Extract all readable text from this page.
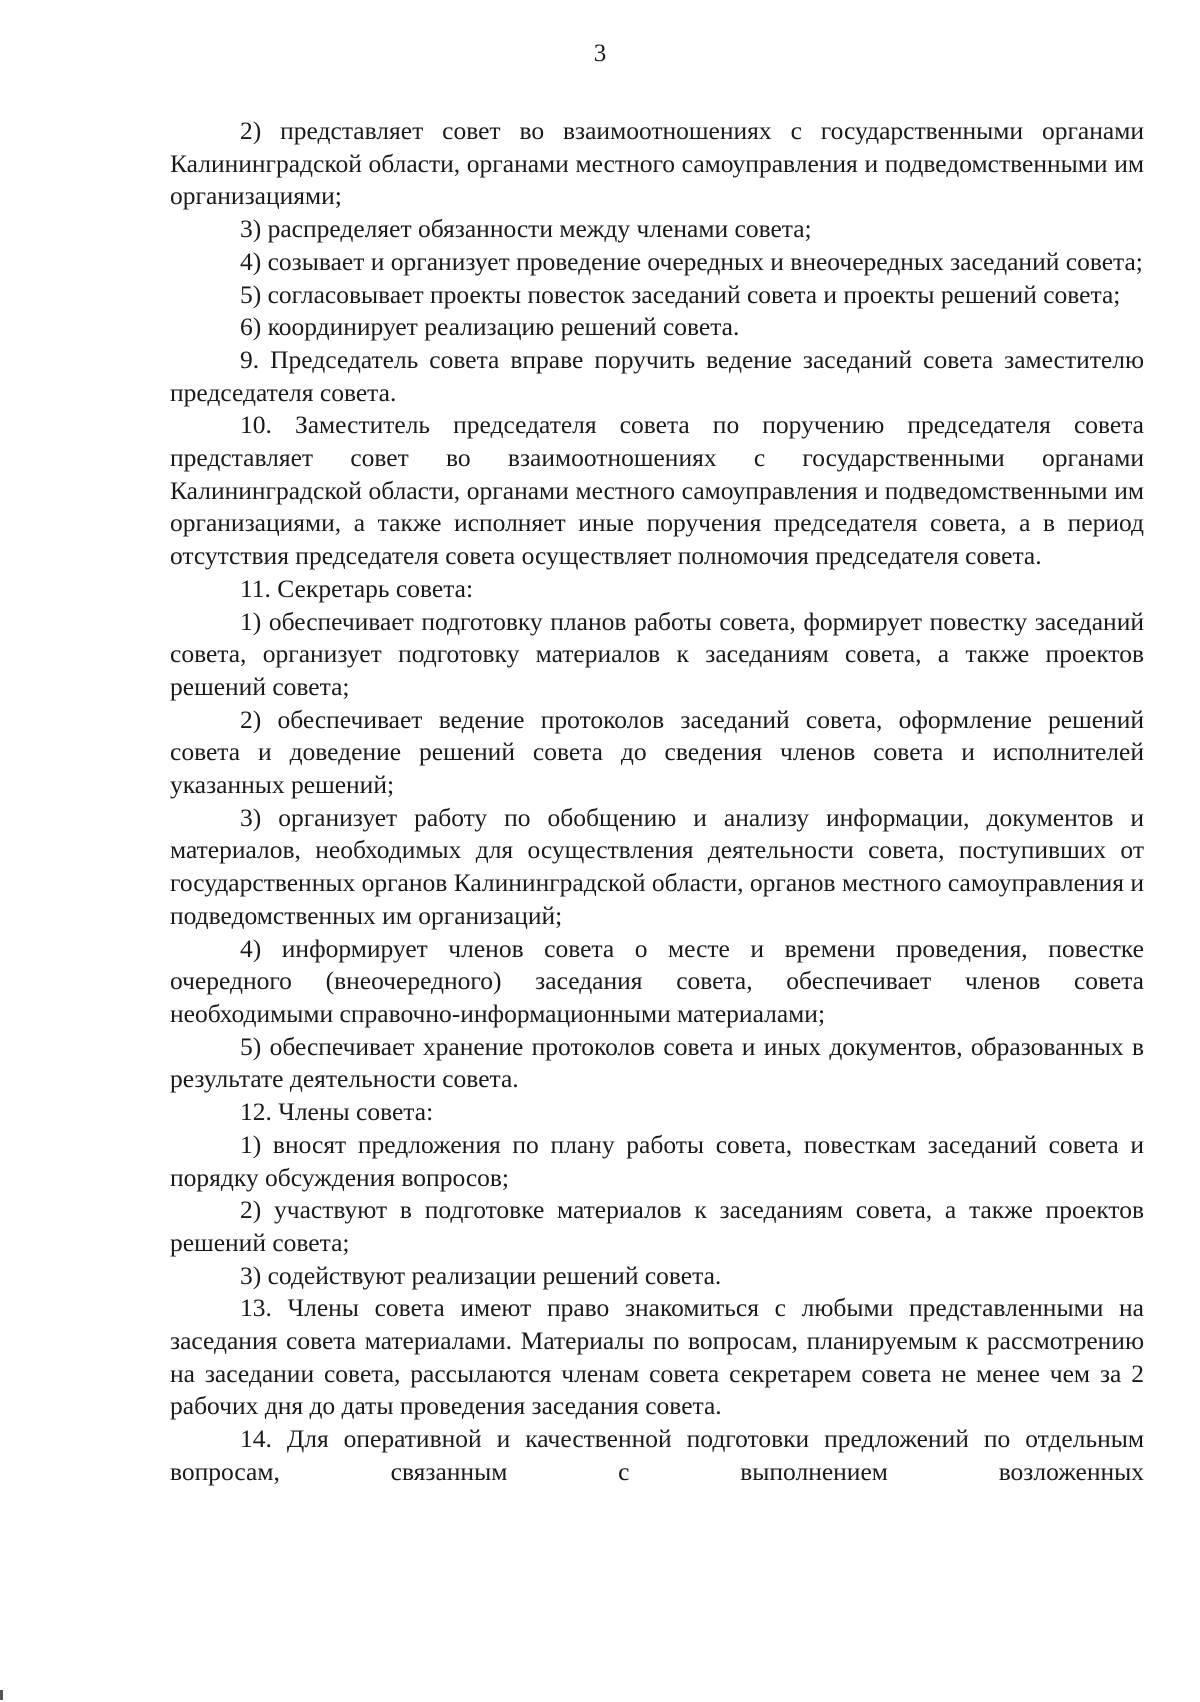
3

2) представляет совет во взаимоотношениях с государственными органами Калининградской области, органами местного самоуправления и подведомственными им организациями;

3) распределяет обязанности между членами совета;

4) созывает и организует проведение очередных и внеочередных заседаний совета;

5) согласовывает проекты повесток заседаний совета и проекты решений совета;

6) координирует реализацию решений совета.

9. Председатель совета вправе поручить ведение заседаний совета заместителю председателя совета.

10. Заместитель председателя совета по поручению председателя совета представляет совет во взаимоотношениях с государственными органами Калининградской области, органами местного самоуправления и подведомственными им организациями, а также исполняет иные поручения председателя совета, а в период отсутствия председателя совета осуществляет полномочия председателя совета.

11. Секретарь совета:

1) обеспечивает подготовку планов работы совета, формирует повестку заседаний совета, организует подготовку материалов к заседаниям совета, а также проектов решений совета;

2) обеспечивает ведение протоколов заседаний совета, оформление решений совета и доведение решений совета до сведения членов совета и исполнителей указанных решений;

3) организует работу по обобщению и анализу информации, документов и материалов, необходимых для осуществления деятельности совета, поступивших от государственных органов Калининградской области, органов местного самоуправления и подведомственных им организаций;

4) информирует членов совета о месте и времени проведения, повестке очередного (внеочередного) заседания совета, обеспечивает членов совета необходимыми справочно-информационными материалами;

5) обеспечивает хранение протоколов совета и иных документов, образованных в результате деятельности совета.

12. Члены совета:

1) вносят предложения по плану работы совета, повесткам заседаний совета и порядку обсуждения вопросов;

2) участвуют в подготовке материалов к заседаниям совета, а также проектов решений совета;

3) содействуют реализации решений совета.

13. Члены совета имеют право знакомиться с любыми представленными на заседания совета материалами. Материалы по вопросам, планируемым к рассмотрению на заседании совета, рассылаются членам совета секретарем совета не менее чем за 2 рабочих дня до даты проведения заседания совета.

14. Для оперативной и качественной подготовки предложений по отдельным вопросам, связанным с выполнением возложенных
